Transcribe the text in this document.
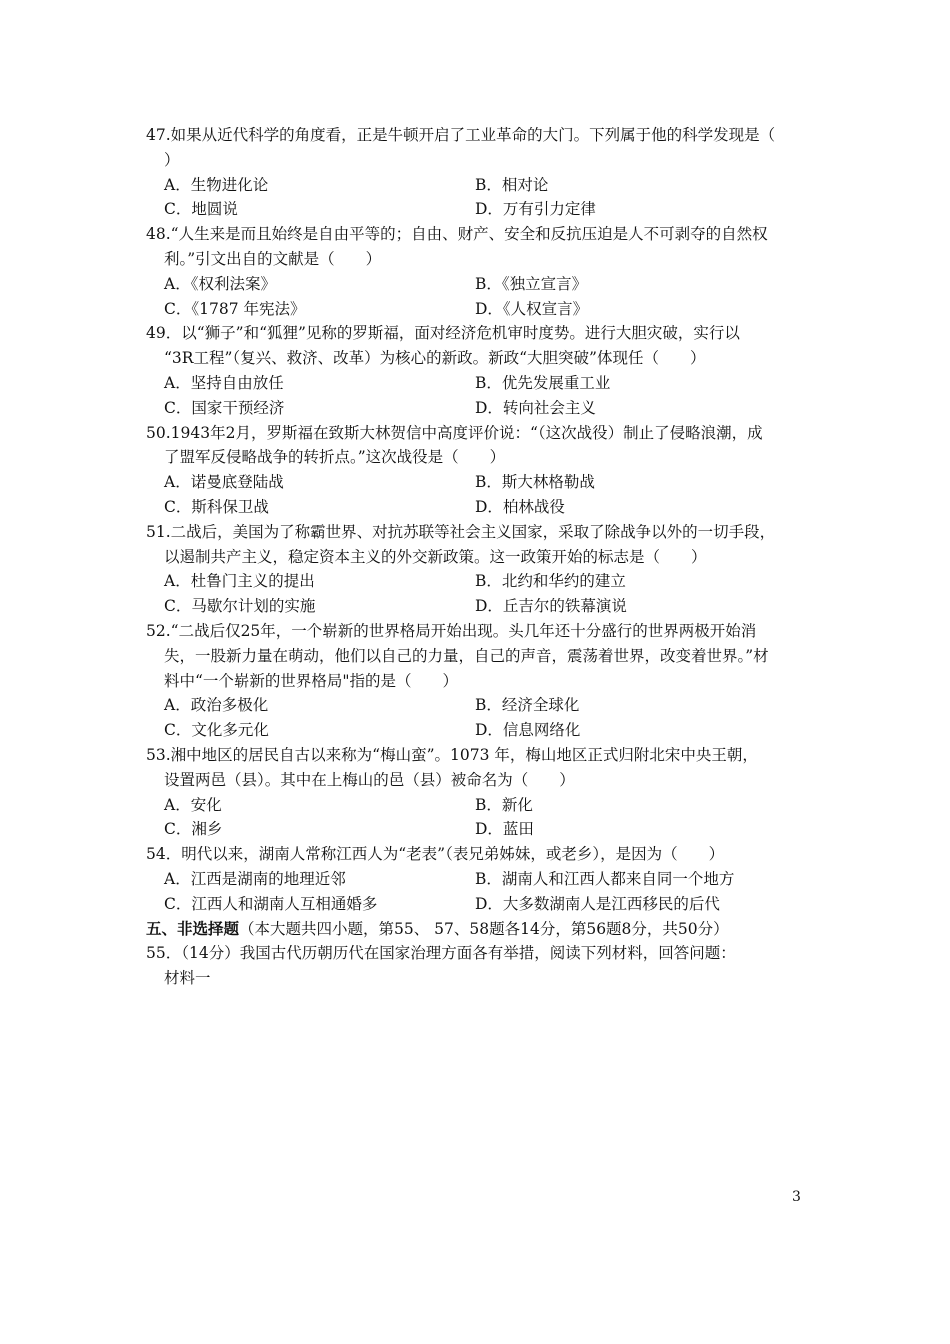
47.如果从近代科学的角度看，正是牛顿开启了工业革命的大门。下列属于他的科学发现是（
）
A．生物进化论	B．相对论
C．地圆说	D．万有引力定律
48.“人生来是而且始终是自由平等的；自由、财产、安全和反抗压迫是人不可剥夺的自然权
利。”引文出自的文献是（　　）
A．《权利法案》	B．《独立宣言》
C．《1787 年宪法》	D．《人权宣言》
49．以“狮子”和“狐狸”见称的罗斯福，面对经济危机审时度势。进行大胆灾破，实行以
“3R工程”（复兴、救济、改革）为核心的新政。新政“大胆突破”体现任（　　）
A．坚持自由放任	B．优先发展重工业
C．国家干预经济	D．转向社会主义
50.1943年2月，罗斯福在致斯大林贺信中高度评价说：“（这次战役）制止了侵略浪潮，成
了盟军反侵略战争的转折点。”这次战役是（　　）
A．诺曼底登陆战	B．斯大林格勒战
C．斯科保卫战	D．柏林战役
51.二战后，美国为了称霸世界、对抗苏联等社会主义国家，采取了除战争以外的一切手段，
以遏制共产主义，稳定资本主义的外交新政策。这一政策开始的标志是（　　）
A．杜鲁门主义的提出	B．北约和华约的建立
C．马歇尔计划的实施	D．丘吉尔的铁幕演说
52.“二战后仅25年，一个崭新的世界格局开始出现。头几年还十分盛行的世界两极开始消
失，一股新力量在萌动，他们以自己的力量，自己的声音，震荡着世界，改变着世界。”材
料中“一个崭新的世界格局"指的是（　　）
A．政治多极化	B．经济全球化
C．文化多元化	D．信息网络化
53.湘中地区的居民自古以来称为“梅山蛮”。1073 年，梅山地区正式归附北宋中央王朝，
设置两邑（县）。其中在上梅山的邑（县）被命名为（　　）
A．安化	B．新化
C．湘乡	D．蓝田
54．明代以来，湖南人常称江西人为“老表”（表兄弟姊妹，或老乡），是因为（　　）
A．江西是湖南的地理近邻	B．湖南人和江西人都来自同一个地方
C．江西人和湖南人互相通婚多	D．大多数湖南人是江西移民的后代
五、非选择题（本大题共四小题，第55、 57、58题各14分，第56题8分，共50分）
55．（14分）我国古代历朝历代在国家治理方面各有举措，阅读下列材料，回答问题：
材料一
3
